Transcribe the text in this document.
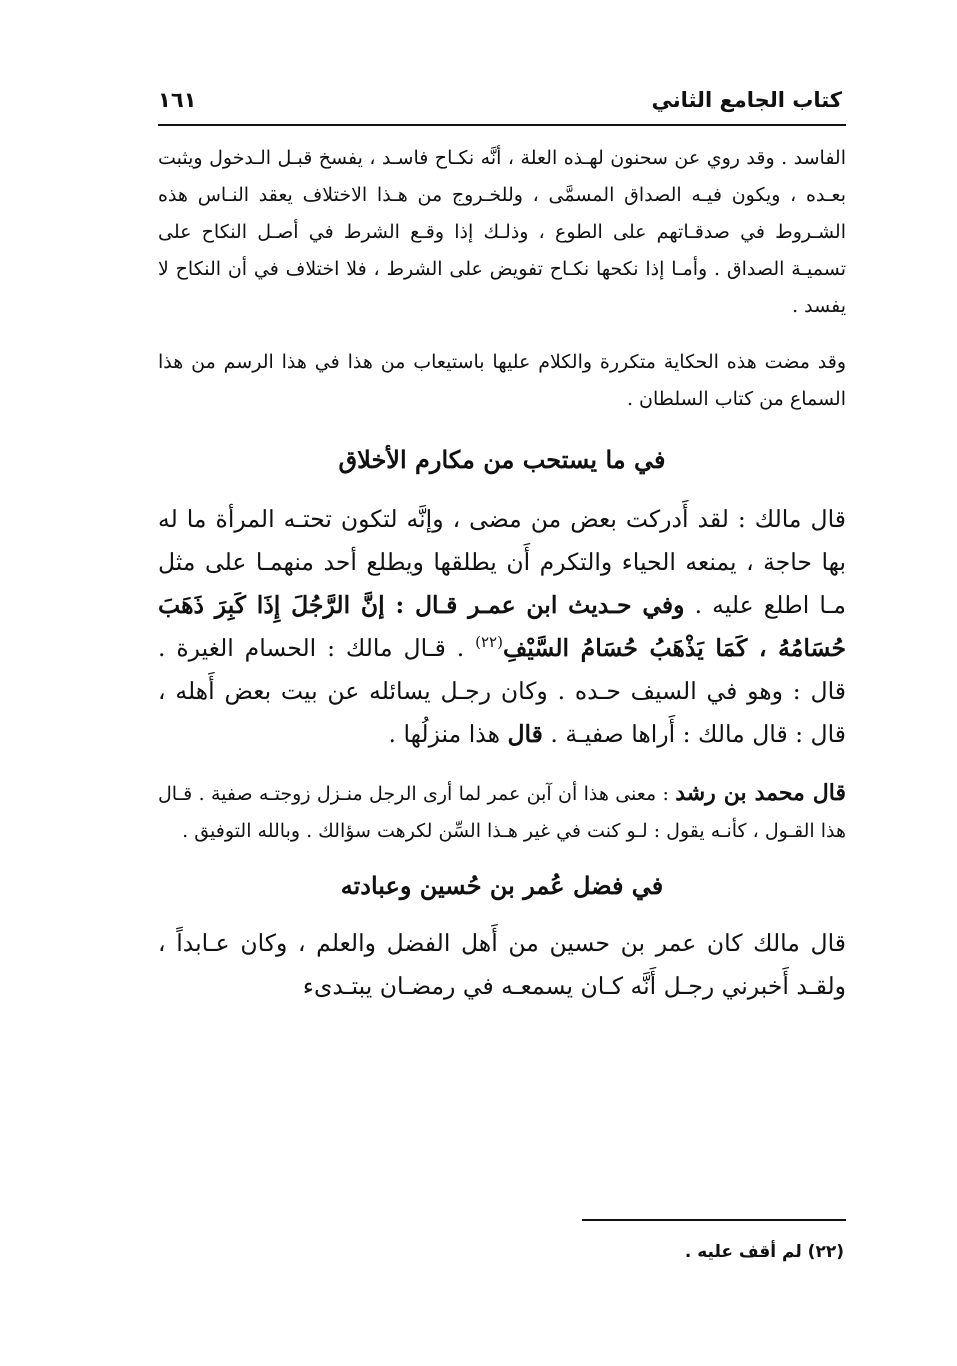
كتاب الجامع الثاني
١٦١

الفاسد . وقد روي عن سحنون لهـذه العلة ، أنَّه نكـاح فاسـد ، يفسخ قبـل الـدخول ويثبت بعـده ، ويكون فيـه الصداق المسمَّى ، وللخـروج من هـذا الاختلاف يعقد النـاس هذه الشـروط في صدقـاتهم على الطوع ، وذلـك إذا وقـع الشرط في أصـل النكاح على تسميـة الصداق . وأمـا إذا نكحها نكـاح تفويض على الشرط ، فلا اختلاف في أن النكاح لا يفسد .

وقد مضت هذه الحكاية متكررة والكلام عليها باستيعاب من هذا في هذا الرسم من هذا السماع من كتاب السلطان .

في ما يستحب من مكارم الأخلاق

قال مالك : لقد أَدركت بعض من مضى ، وإنَّه لتكون تحتـه المرأة ما له بها حاجة ، يمنعه الحياء والتكرم أَن يطلقها ويطلع أحد منهمـا على مثل مـا اطلع عليه . وفي حـديث ابن عمـر قـال : إنَّ الرَّجُلَ إِذَا كَبِرَ ذَهَبَ حُسَامُهُ ، كَمَا يَذْهَبُ حُسَامُ السَّيْفِ$^{(٢٢)}$ . قـال مالك : الحسام الغيرة . قال : وهو في السيف حـده . وكان رجـل يسائله عن بيت بعض أَهله ، قال : قال مالك : أَراها صفيـة . قال هذا منزلُها .

قال محمد بن رشد : معنى هذا أن آبن عمر لما أرى الرجل منـزل زوجتـه صفية . قـال هذا القـول ، كأنـه يقول : لـو كنت في غير هـذا السِّن لكرهت سؤالك . وبالله التوفيق .

في فضل عُمر بن حُسين وعبادته

قال مالك كان عمر بن حسين من أَهل الفضل والعلم ، وكان عـابداً ، ولقـد أَخبرني رجـل أَنَّه كـان يسمعـه في رمضـان يبتـدىء

(٢٢) لم أقف عليه .
